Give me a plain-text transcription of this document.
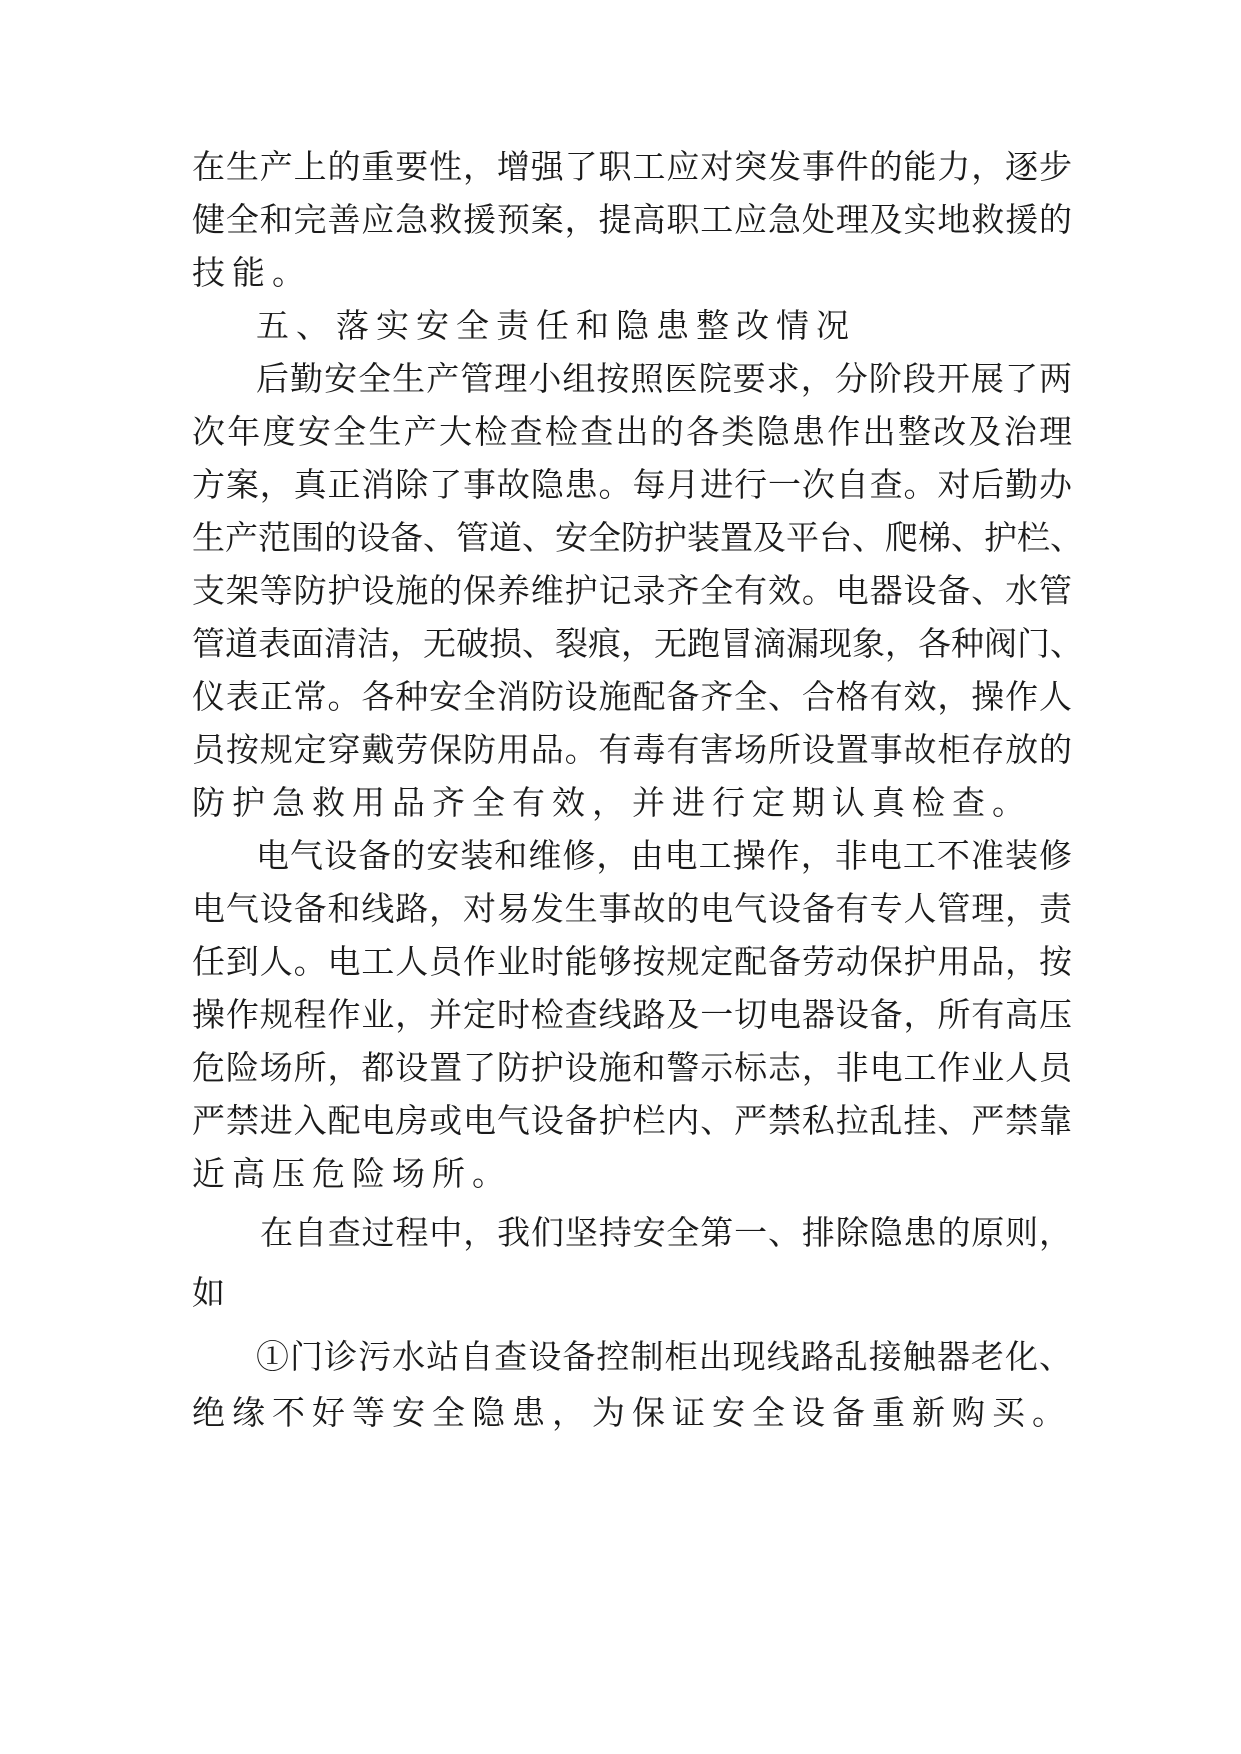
在生产上的重要性，增强了职工应对突发事件的能力，逐步
健全和完善应急救援预案，提高职工应急处理及实地救援的
技能。
五、落实安全责任和隐患整改情况
后勤安全生产管理小组按照医院要求，分阶段开展了两
次年度安全生产大检查检查出的各类隐患作出整改及治理
方案，真正消除了事故隐患。每月进行一次自查。对后勤办
生产范围的设备、管道、安全防护装置及平台、爬梯、护栏、
支架等防护设施的保养维护记录齐全有效。电器设备、水管
管道表面清洁，无破损、裂痕，无跑冒滴漏现象，各种阀门、
仪表正常。各种安全消防设施配备齐全、合格有效，操作人
员按规定穿戴劳保防用品。有毒有害场所设置事故柜存放的
防护急救用品齐全有效，并进行定期认真检查。
电气设备的安装和维修，由电工操作，非电工不准装修
电气设备和线路，对易发生事故的电气设备有专人管理，责
任到人。电工人员作业时能够按规定配备劳动保护用品，按
操作规程作业，并定时检查线路及一切电器设备，所有高压
危险场所，都设置了防护设施和警示标志，非电工作业人员
严禁进入配电房或电气设备护栏内、严禁私拉乱挂、严禁靠
近高压危险场所。
在自查过程中，我们坚持安全第一、排除隐患的原则，
如
①门诊污水站自查设备控制柜出现线路乱接触器老化、
绝缘不好等安全隐患，为保证安全设备重新购买。
